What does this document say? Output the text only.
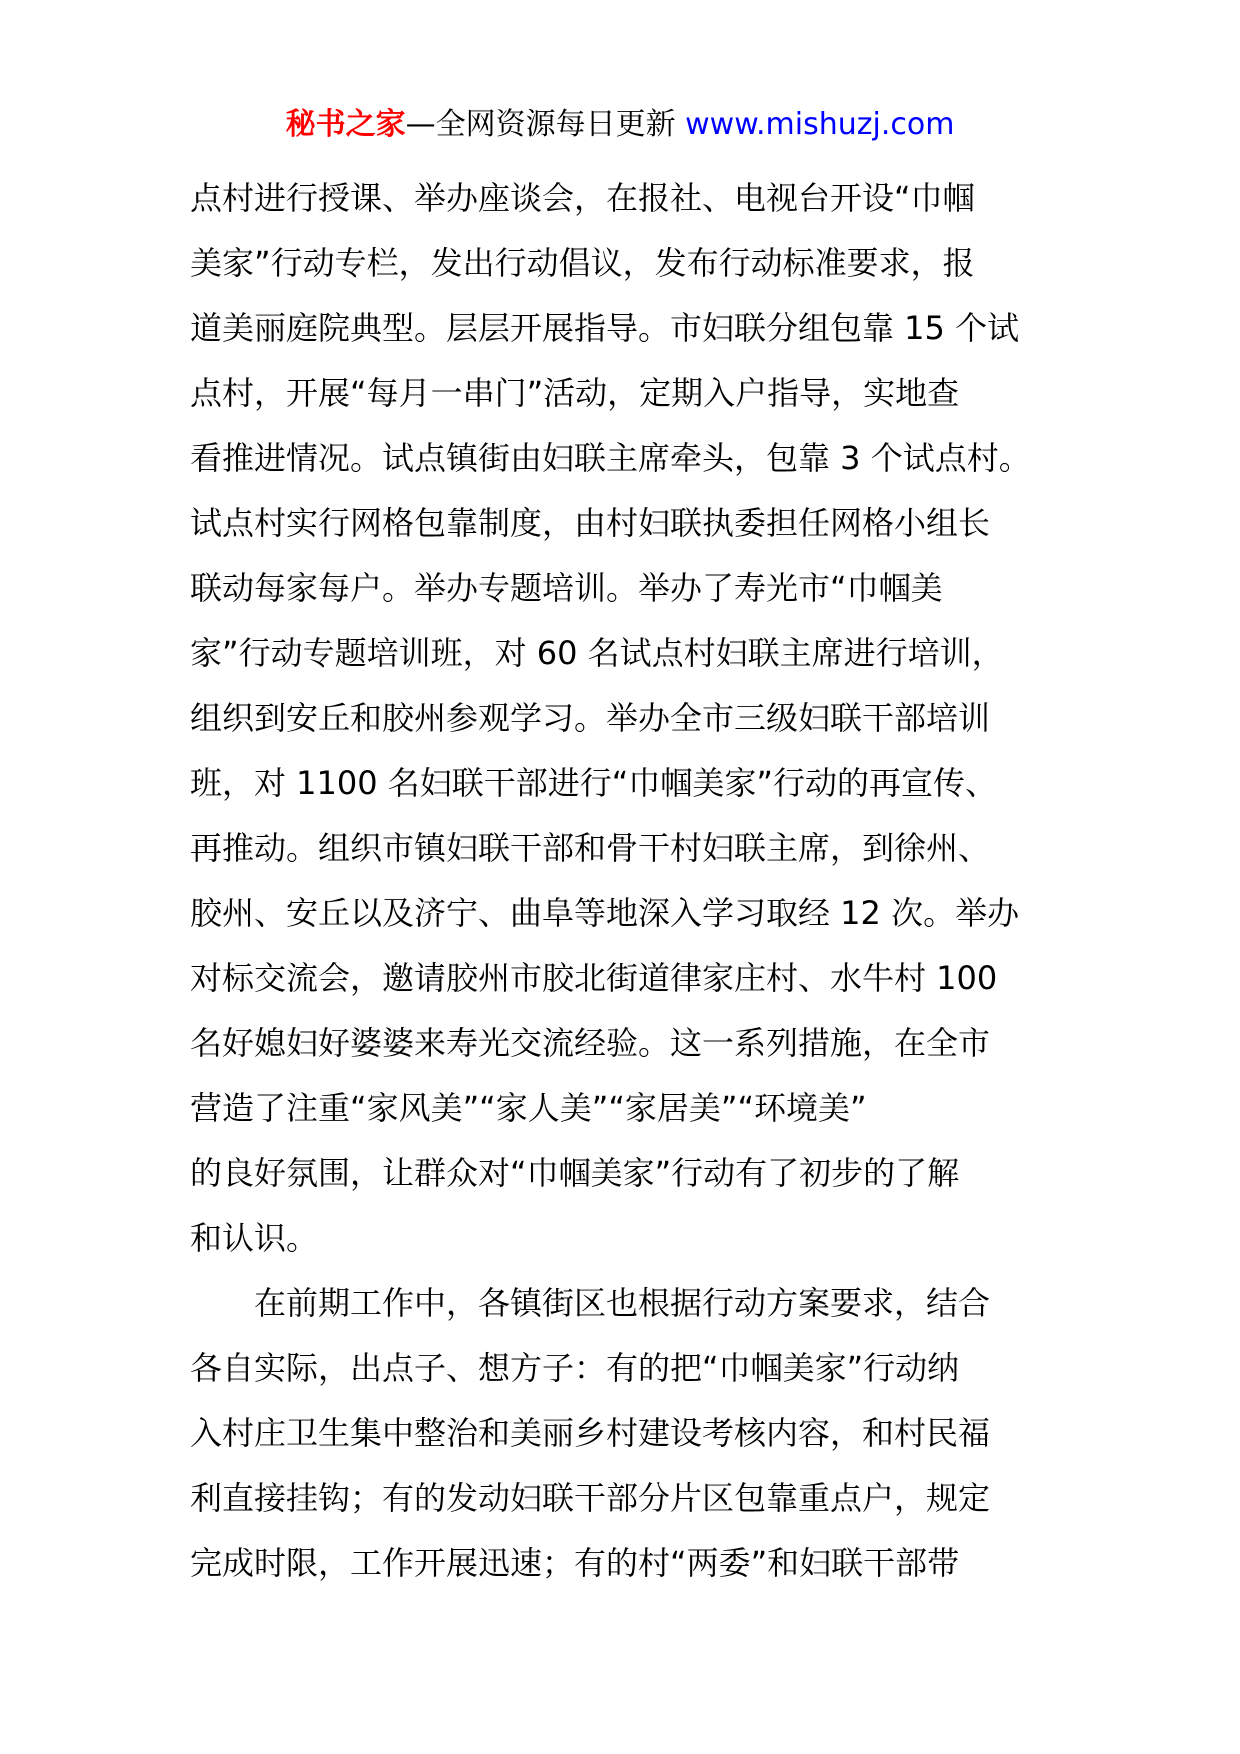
秘书之家—全网资源每日更新 www.mishuzj.com
点村进行授课、举办座谈会，在报社、电视台开设“巾帼
美家”行动专栏，发出行动倡议，发布行动标准要求，报
道美丽庭院典型。层层开展指导。市妇联分组包靠 15 个试
点村，开展“每月一串门”活动，定期入户指导，实地查
看推进情况。试点镇街由妇联主席牵头，包靠 3 个试点村。
试点村实行网格包靠制度，由村妇联执委担任网格小组长
联动每家每户。举办专题培训。举办了寿光市“巾帼美
家”行动专题培训班，对 60 名试点村妇联主席进行培训，
组织到安丘和胶州参观学习。举办全市三级妇联干部培训
班，对 1100 名妇联干部进行“巾帼美家”行动的再宣传、
再推动。组织市镇妇联干部和骨干村妇联主席，到徐州、
胶州、安丘以及济宁、曲阜等地深入学习取经 12 次。举办
对标交流会，邀请胶州市胶北街道律家庄村、水牛村 100
名好媳妇好婆婆来寿光交流经验。这一系列措施，在全市
营造了注重“家风美”“家人美”“家居美”“环境美”
的良好氛围，让群众对“巾帼美家”行动有了初步的了解
和认识。
　　在前期工作中，各镇街区也根据行动方案要求，结合
各自实际，出点子、想方子：有的把“巾帼美家”行动纳
入村庄卫生集中整治和美丽乡村建设考核内容，和村民福
利直接挂钩；有的发动妇联干部分片区包靠重点户，规定
完成时限，工作开展迅速；有的村“两委”和妇联干部带
